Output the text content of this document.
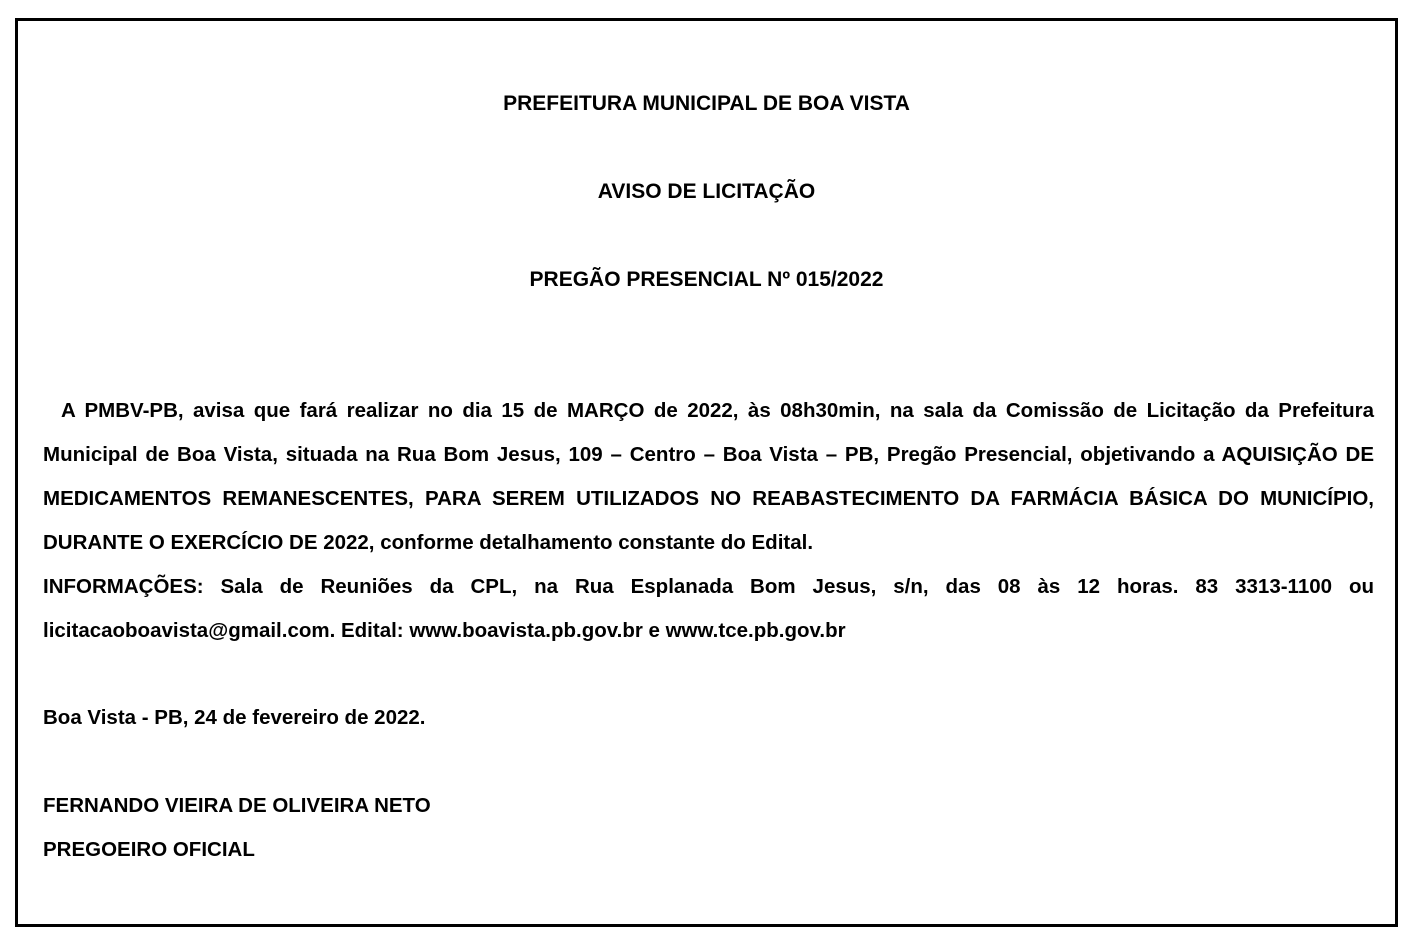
PREFEITURA MUNICIPAL DE BOA VISTA

AVISO DE LICITAÇÃO

PREGÃO PRESENCIAL Nº 015/2022

A PMBV-PB, avisa que fará realizar no dia 15 de MARÇO de 2022, às 08h30min, na sala da Comissão de Licitação da Prefeitura Municipal de Boa Vista, situada na Rua Bom Jesus, 109 – Centro – Boa Vista – PB, Pregão Presencial, objetivando a AQUISIÇÃO DE MEDICAMENTOS REMANESCENTES, PARA SEREM UTILIZADOS NO REABASTECIMENTO DA FARMÁCIA BÁSICA DO MUNICÍPIO, DURANTE O EXERCÍCIO DE 2022, conforme detalhamento constante do Edital.

INFORMAÇÕES: Sala de Reuniões da CPL, na Rua Esplanada Bom Jesus, s/n, das 08 às 12 horas. 83 3313-1100 ou licitacaoboavista@gmail.com. Edital: www.boavista.pb.gov.br e www.tce.pb.gov.br

Boa Vista - PB, 24 de fevereiro de 2022.

FERNANDO VIEIRA DE OLIVEIRA NETO

PREGOEIRO OFICIAL
